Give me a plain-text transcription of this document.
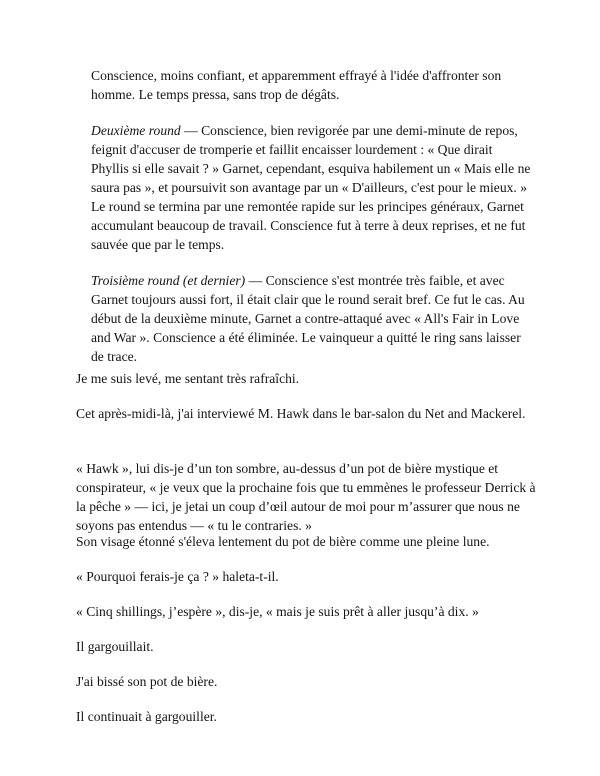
Conscience, moins confiant, et apparemment effrayé à l'idée d'affronter son homme. Le temps pressa, sans trop de dégâts.

Deuxième round — Conscience, bien revigorée par une demi-minute de repos, feignit d'accuser de tromperie et faillit encaisser lourdement : « Que dirait Phyllis si elle savait ? » Garnet, cependant, esquiva habilement un « Mais elle ne saura pas », et poursuivit son avantage par un « D'ailleurs, c'est pour le mieux. » Le round se termina par une remontée rapide sur les principes généraux, Garnet accumulant beaucoup de travail. Conscience fut à terre à deux reprises, et ne fut sauvée que par le temps.

Troisième round (et dernier) — Conscience s'est montrée très faible, et avec Garnet toujours aussi fort, il était clair que le round serait bref. Ce fut le cas. Au début de la deuxième minute, Garnet a contre-attaqué avec « All's Fair in Love and War ». Conscience a été éliminée. Le vainqueur a quitté le ring sans laisser de trace.

Je me suis levé, me sentant très rafraîchi.

Cet après-midi-là, j'ai interviewé M. Hawk dans le bar-salon du Net and Mackerel.

« Hawk », lui dis-je d’un ton sombre, au-dessus d’un pot de bière mystique et conspirateur, « je veux que la prochaine fois que tu emmènes le professeur Derrick à la pêche » — ici, je jetai un coup d’œil autour de moi pour m’assurer que nous ne soyons pas entendus — « tu le contraries. »

Son visage étonné s'éleva lentement du pot de bière comme une pleine lune.

« Pourquoi ferais-je ça ? » haleta-t-il.

« Cinq shillings, j’espère », dis-je, « mais je suis prêt à aller jusqu’à dix. »

Il gargouillait.

J'ai bissé son pot de bière.

Il continuait à gargouiller.
